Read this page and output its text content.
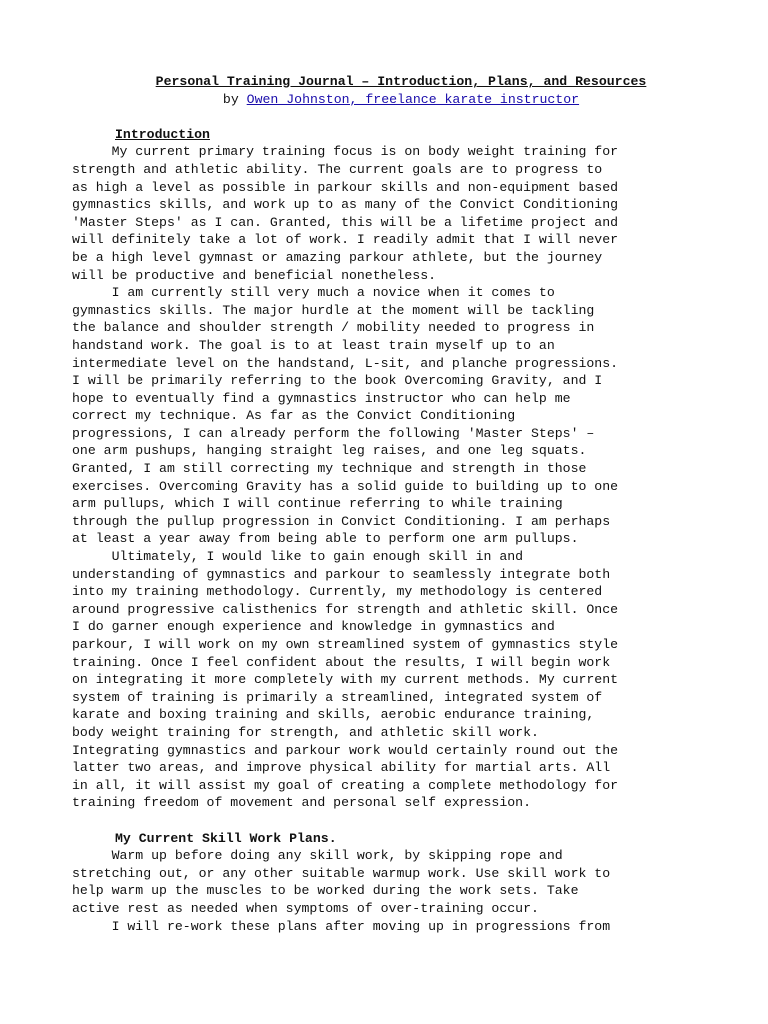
Personal Training Journal – Introduction, Plans, and Resources
by Owen Johnston, freelance karate instructor
Introduction
My current primary training focus is on body weight training for
strength and athletic ability. The current goals are to progress to
as high a level as possible in parkour skills and non-equipment based
gymnastics skills, and work up to as many of the Convict Conditioning
'Master Steps' as I can. Granted, this will be a lifetime project and
will definitely take a lot of work. I readily admit that I will never
be a high level gymnast or amazing parkour athlete, but the journey
will be productive and beneficial nonetheless.
I am currently still very much a novice when it comes to
gymnastics skills. The major hurdle at the moment will be tackling
the balance and shoulder strength / mobility needed to progress in
handstand work. The goal is to at least train myself up to an
intermediate level on the handstand, L-sit, and planche progressions.
I will be primarily referring to the book Overcoming Gravity, and I
hope to eventually find a gymnastics instructor who can help me
correct my technique. As far as the Convict Conditioning
progressions, I can already perform the following 'Master Steps' –
one arm pushups, hanging straight leg raises, and one leg squats.
Granted, I am still correcting my technique and strength in those
exercises. Overcoming Gravity has a solid guide to building up to one
arm pullups, which I will continue referring to while training
through the pullup progression in Convict Conditioning. I am perhaps
at least a year away from being able to perform one arm pullups.
Ultimately, I would like to gain enough skill in and
understanding of gymnastics and parkour to seamlessly integrate both
into my training methodology. Currently, my methodology is centered
around progressive calisthenics for strength and athletic skill. Once
I do garner enough experience and knowledge in gymnastics and
parkour, I will work on my own streamlined system of gymnastics style
training. Once I feel confident about the results, I will begin work
on integrating it more completely with my current methods. My current
system of training is primarily a streamlined, integrated system of
karate and boxing training and skills, aerobic endurance training,
body weight training for strength, and athletic skill work.
Integrating gymnastics and parkour work would certainly round out the
latter two areas, and improve physical ability for martial arts. All
in all, it will assist my goal of creating a complete methodology for
training freedom of movement and personal self expression.
My Current Skill Work Plans.
Warm up before doing any skill work, by skipping rope and
stretching out, or any other suitable warmup work. Use skill work to
help warm up the muscles to be worked during the work sets. Take
active rest as needed when symptoms of over-training occur.
I will re-work these plans after moving up in progressions from
